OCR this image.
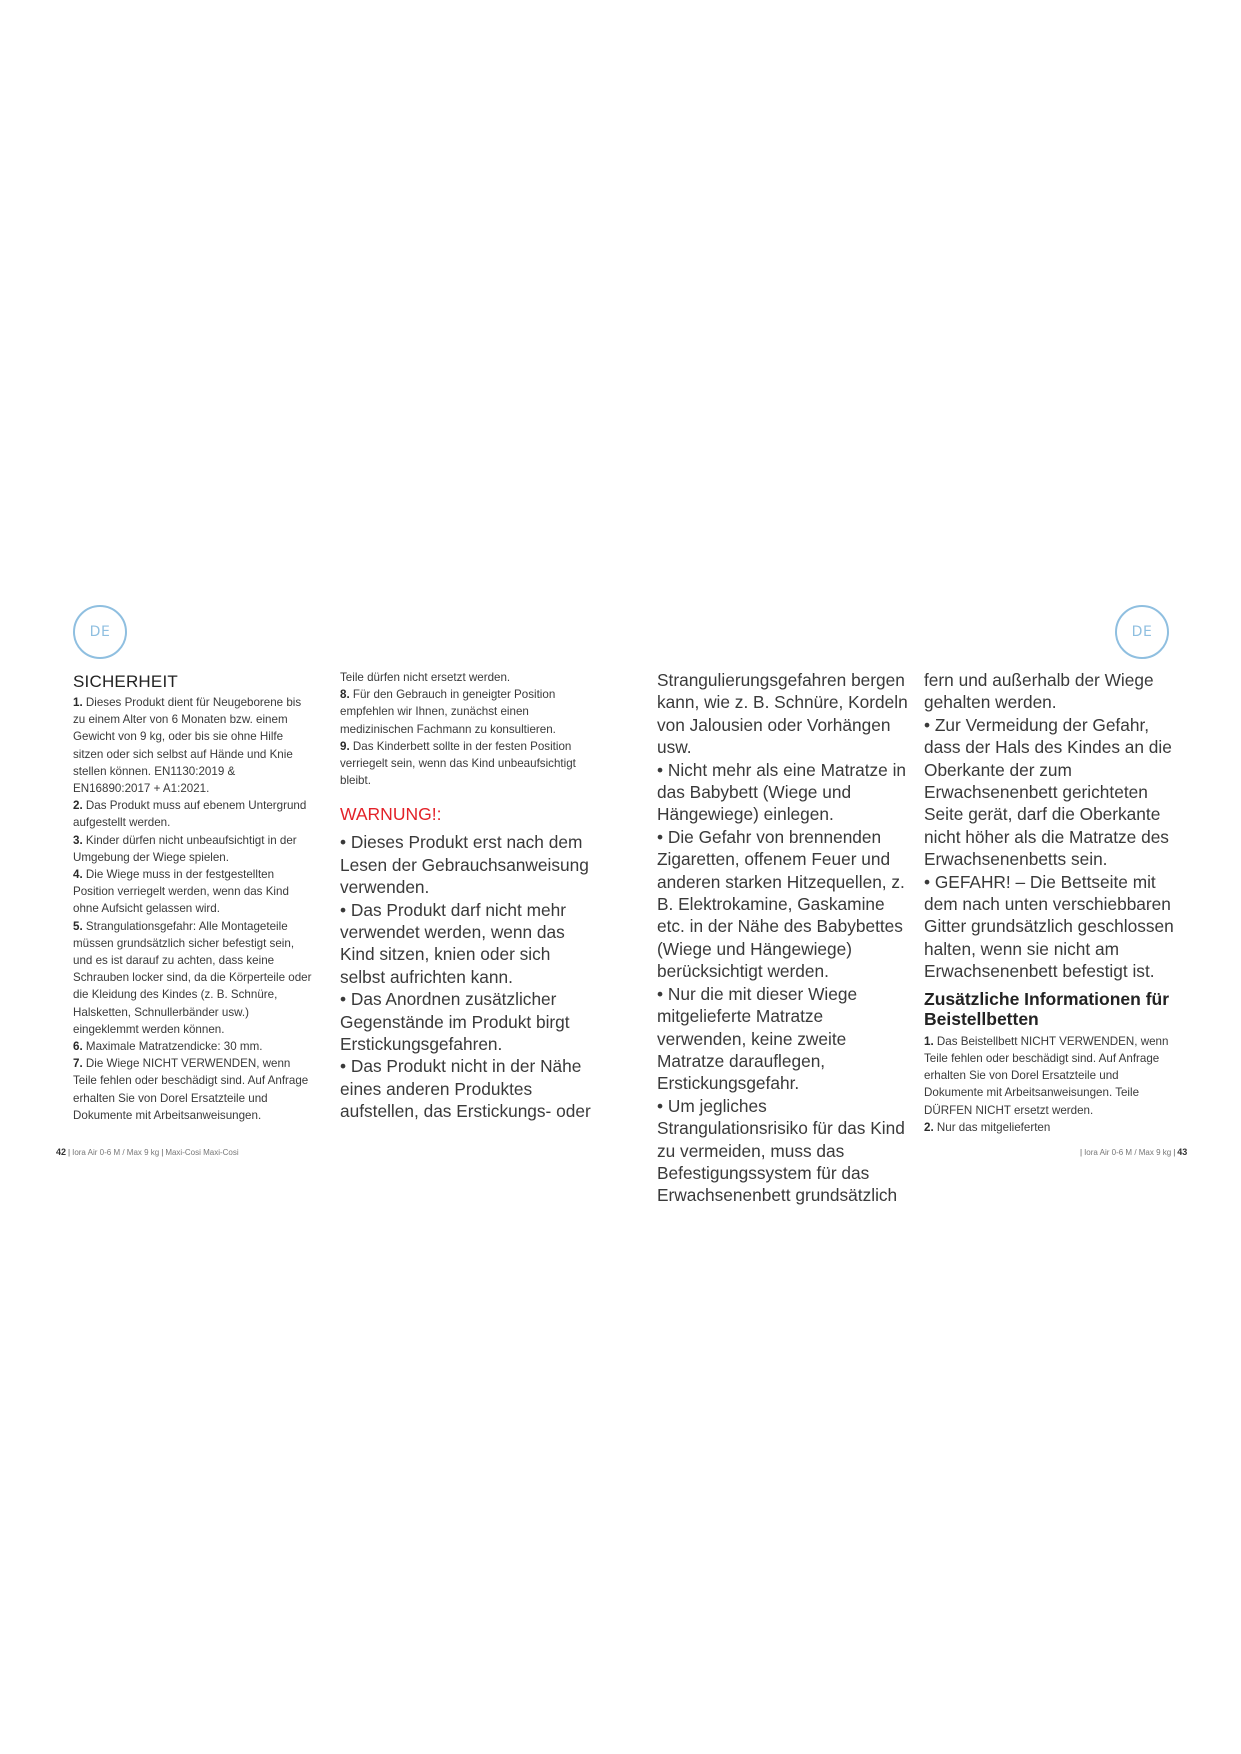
DE	DE
SICHERHEIT

1. Dieses Produkt dient für Neugeborene bis zu einem Alter von 6 Monaten bzw. einem Gewicht von 9 kg, oder bis sie ohne Hilfe sitzen oder sich selbst auf Hände und Knie stellen können. EN1130:2019 & EN16890:2017 + A1:2021.

2. Das Produkt muss auf ebenem Untergrund aufgestellt werden.

3. Kinder dürfen nicht unbeaufsichtigt in der Umgebung der Wiege spielen.

4. Die Wiege muss in der festgestellten Position verriegelt werden, wenn das Kind ohne Aufsicht gelassen wird.

5. Strangulationsgefahr: Alle Montageteile müssen grundsätzlich sicher befestigt sein, und es ist darauf zu achten, dass keine Schrauben locker sind, da die Körperteile oder die Kleidung des Kindes (z. B. Schnüre, Halsketten, Schnullerbänder usw.) eingeklemmt werden können.

6. Maximale Matratzendicke: 30 mm.

7. Die Wiege NICHT VERWENDEN, wenn Teile fehlen oder beschädigt sind. Auf Anfrage erhalten Sie von Dorel Ersatzteile und Dokumente mit Arbeitsanweisungen.

Teile dürfen nicht ersetzt werden.

8. Für den Gebrauch in geneigter Position empfehlen wir Ihnen, zunächst einen medizinischen Fachmann zu konsultieren.

9. Das Kinderbett sollte in der festen Position verriegelt sein, wenn das Kind unbeaufsichtigt bleibt.

WARNUNG!:

• Dieses Produkt erst nach dem Lesen der Gebrauchsanweisung verwenden.

• Das Produkt darf nicht mehr verwendet werden, wenn das Kind sitzen, knien oder sich selbst aufrichten kann.

• Das Anordnen zusätzlicher Gegenstände im Produkt birgt Erstickungsgefahren.

• Das Produkt nicht in der Nähe eines anderen Produktes aufstellen, das Erstickungs- oder

Strangulierungsgefahren bergen kann, wie z. B. Schnüre, Kordeln von Jalousien oder Vorhängen usw.

• Nicht mehr als eine Matratze in das Babybett (Wiege und Hängewiege) einlegen.

• Die Gefahr von brennenden Zigaretten, offenem Feuer und anderen starken Hitzequellen, z. B. Elektrokamine, Gaskamine etc. in der Nähe des Babybettes (Wiege und Hängewiege) berücksichtigt werden.

• Nur die mit dieser Wiege mitgelieferte Matratze verwenden, keine zweite Matratze darauflegen, Erstickungsgefahr.

• Um jegliches Strangulationsrisiko für das Kind zu vermeiden, muss das Befestigungssystem für das Erwachsenenbett grundsätzlich

fern und außerhalb der Wiege gehalten werden.

• Zur Vermeidung der Gefahr, dass der Hals des Kindes an die Oberkante der zum Erwachsenenbett gerichteten Seite gerät, darf die Oberkante nicht höher als die Matratze des Erwachsenenbetts sein.

• GEFAHR! – Die Bettseite mit dem nach unten verschiebbaren Gitter grundsätzlich geschlossen halten, wenn sie nicht am Erwachsenenbett befestigt ist.

Zusätzliche Informationen für Beistellbetten

1. Das Beistellbett NICHT VERWENDEN, wenn Teile fehlen oder beschädigt sind. Auf Anfrage erhalten Sie von Dorel Ersatzteile und Dokumente mit Arbeitsanweisungen. Teile DÜRFEN NICHT ersetzt werden.

2. Nur das mitgelieferten

42 | Iora Air 0-6 M / Max 9 kg | Maxi-Cosi Maxi-Cosi	| Iora Air 0-6 M / Max 9 kg | 43
